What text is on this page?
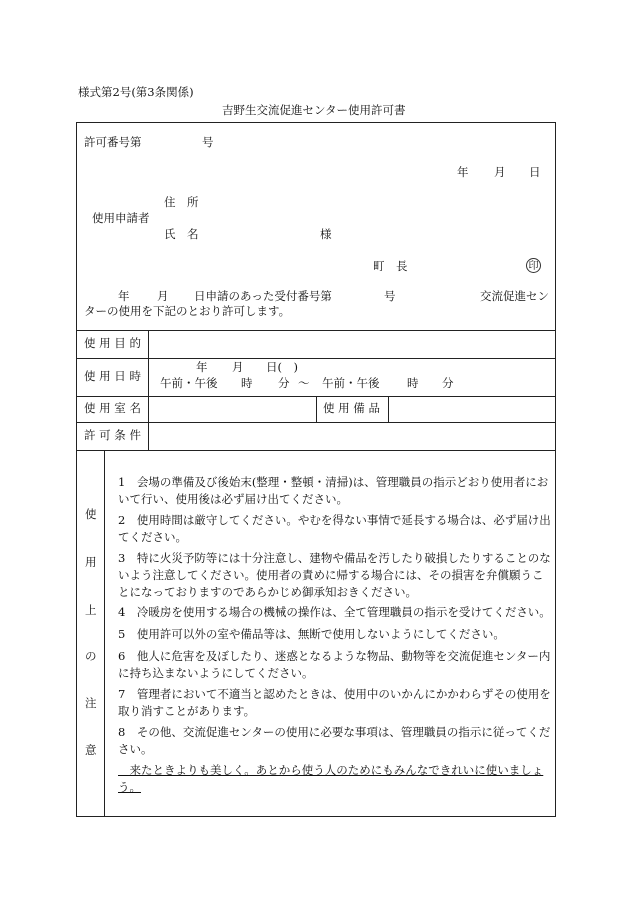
様式第2号(第3条関係)
吉野生交流促進センター使用許可書
許可番号第	号
年 月 日
住　所
使用申請者
氏　名	様
町　長	印
年 月 日申請のあった受付番号第	号	交流促進セン
ターの使用を下記のとおり許可します。
使 用 目 的
使 用 日 時
年 月 日(　)
午前・午後 時 分 〜 午前・午後 時 分
使 用 室 名	使 用 備 品
許 可 条 件
使
用
上
の
注
意
1　会場の準備及び後始末(整理・整頓・清掃)は、管理職員の指示どおり使用者において行い、使用後は必ず届け出てください。
2　使用時間は厳守してください。やむを得ない事情で延長する場合は、必ず届け出てください。
3　特に火災予防等には十分注意し、建物や備品を汚したり破損したりすることのないよう注意してください。使用者の責めに帰する場合には、その損害を弁償願うことになっておりますのであらかじめ御承知おきください。
4　冷暖房を使用する場合の機械の操作は、全て管理職員の指示を受けてください。
5　使用許可以外の室や備品等は、無断で使用しないようにしてください。
6　他人に危害を及ぼしたり、迷惑となるような物品、動物等を交流促進センター内に持ち込まないようにしてください。
7　管理者において不適当と認めたときは、使用中のいかんにかかわらずその使用を取り消すことがあります。
8　その他、交流促進センターの使用に必要な事項は、管理職員の指示に従ってください。
　来たときよりも美しく。あとから使う人のためにもみんなできれいに使いましょう。
